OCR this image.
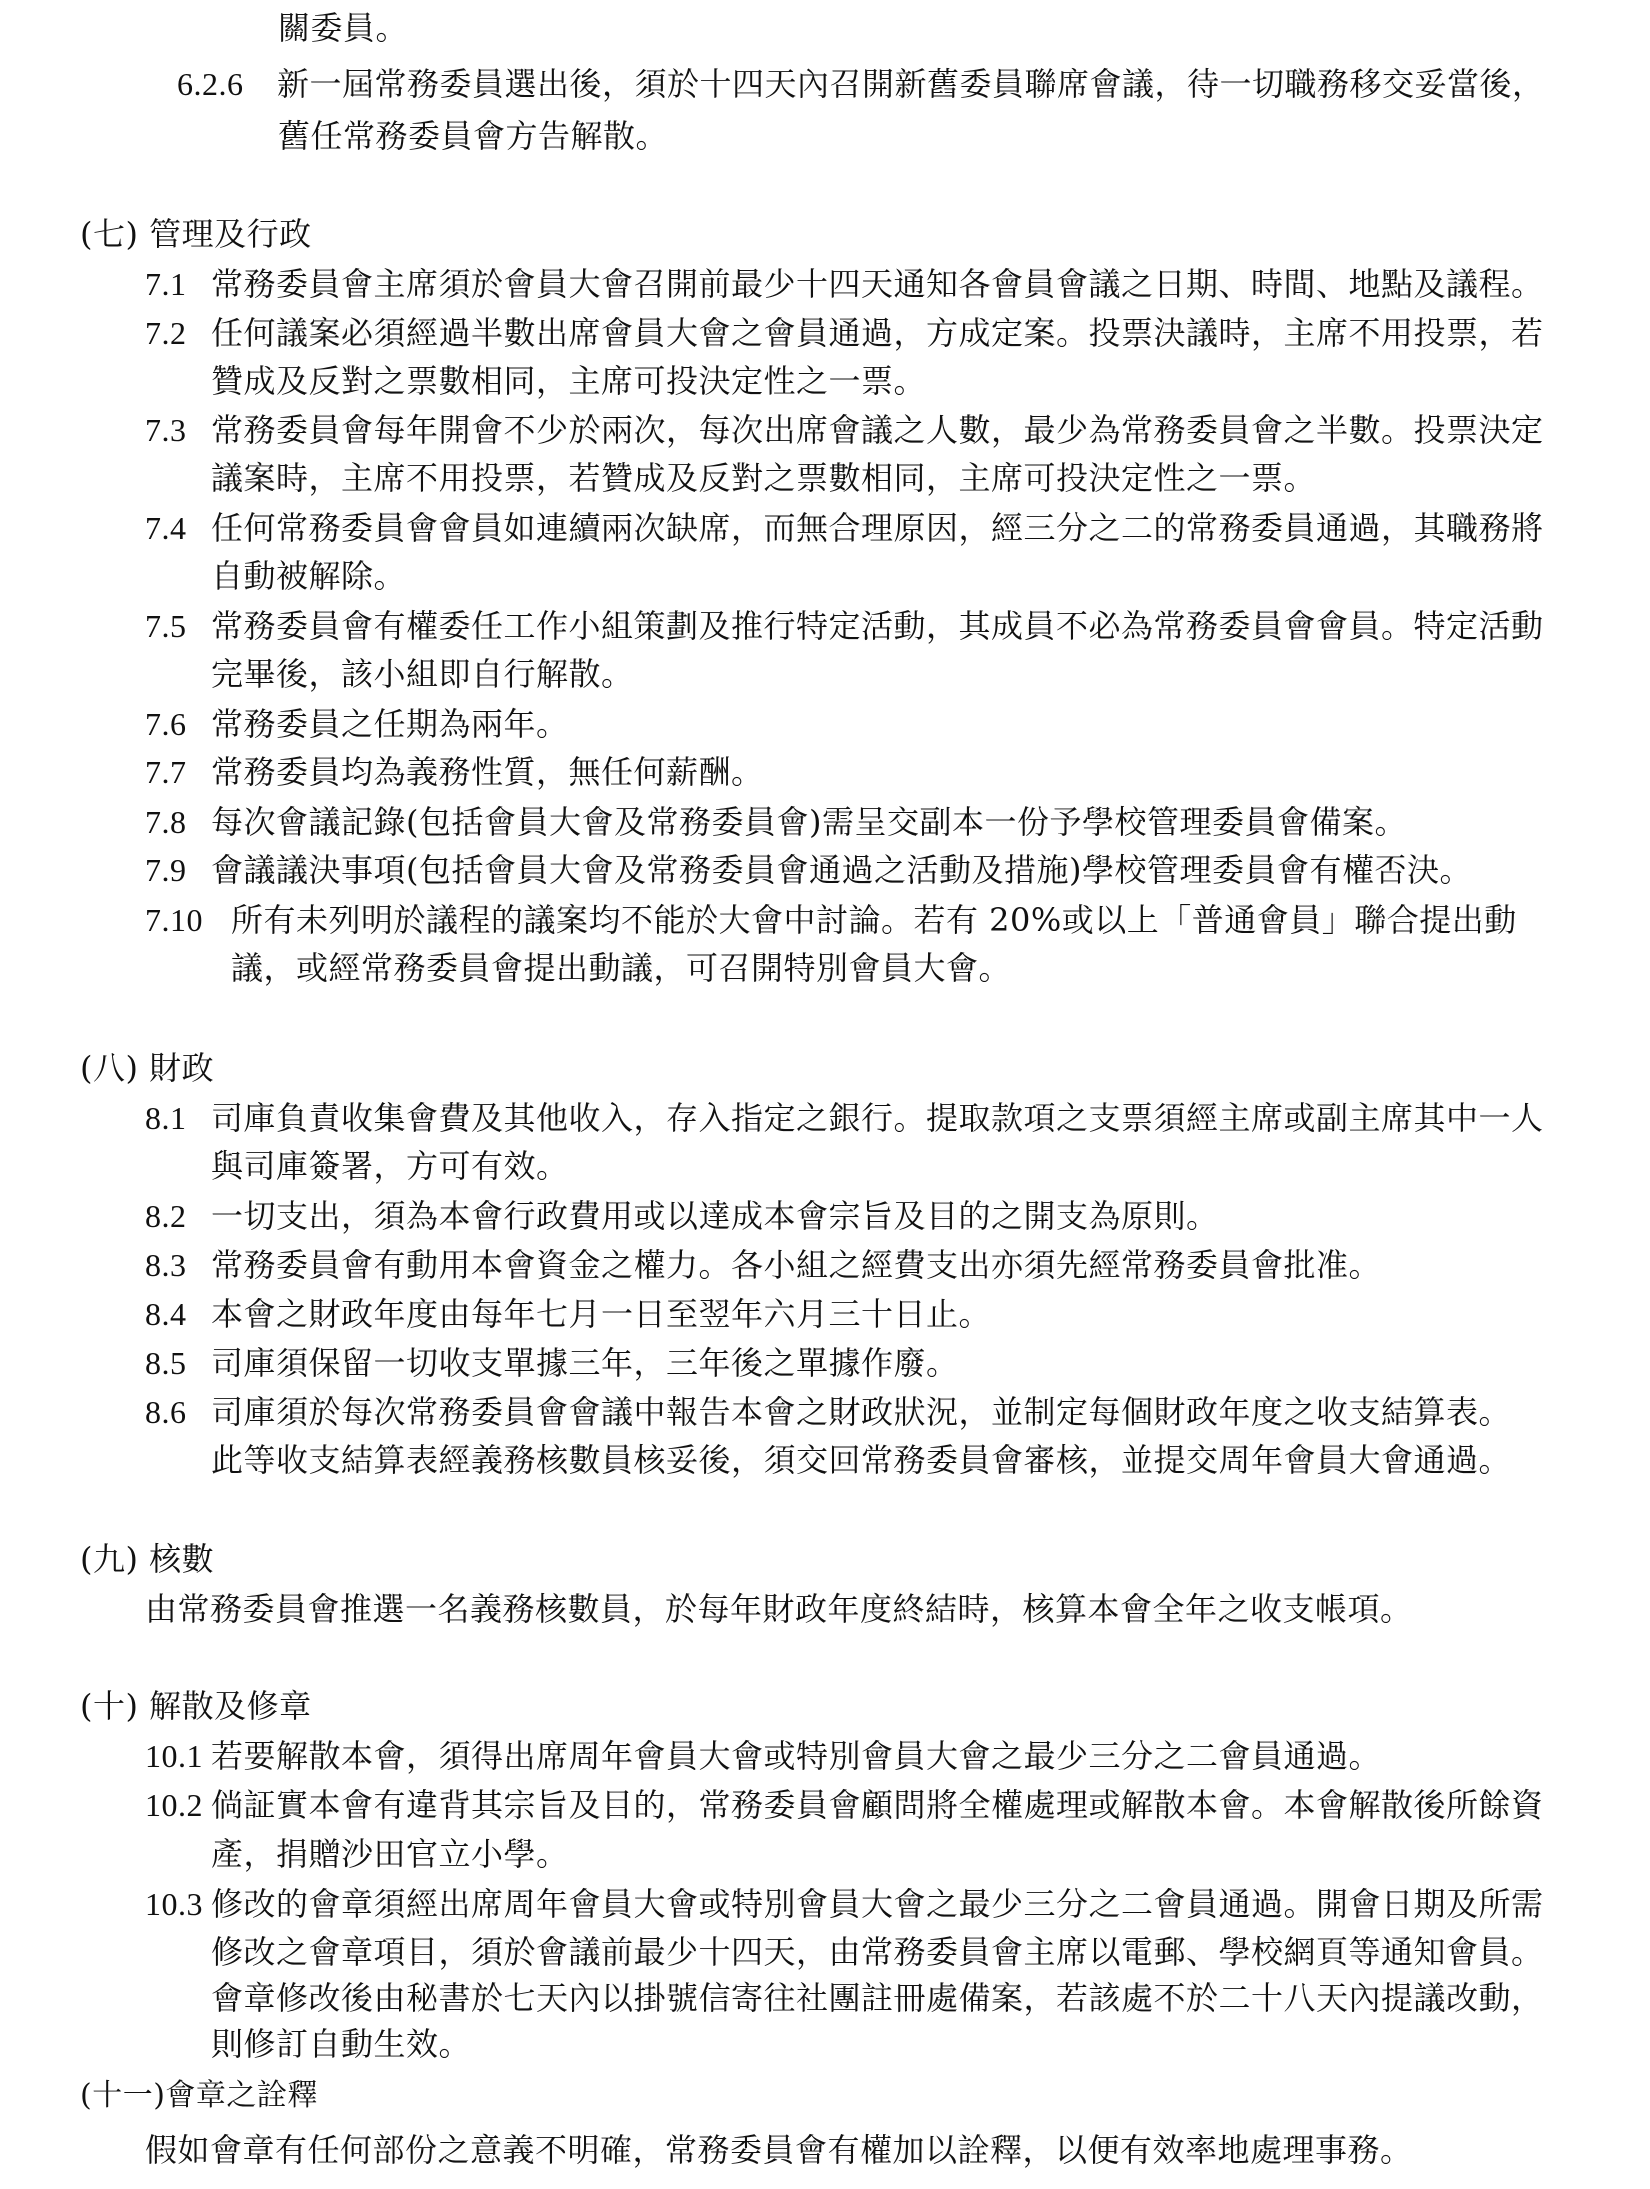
關委員。
6.2.6 新一屆常務委員選出後，須於十四天內召開新舊委員聯席會議，待一切職務移交妥當後，
舊任常務委員會方告解散。
(七) 管理及行政
7.1 常務委員會主席須於會員大會召開前最少十四天通知各會員會議之日期、時間、地點及議程。
7.2 任何議案必須經過半數出席會員大會之會員通過，方成定案。投票決議時，主席不用投票，若
贊成及反對之票數相同，主席可投決定性之一票。
7.3 常務委員會每年開會不少於兩次，每次出席會議之人數，最少為常務委員會之半數。投票決定
議案時，主席不用投票，若贊成及反對之票數相同，主席可投決定性之一票。
7.4 任何常務委員會會員如連續兩次缺席，而無合理原因，經三分之二的常務委員通過，其職務將
自動被解除。
7.5 常務委員會有權委任工作小組策劃及推行特定活動，其成員不必為常務委員會會員。特定活動
完畢後，該小組即自行解散。
7.6 常務委員之任期為兩年。
7.7 常務委員均為義務性質，無任何薪酬。
7.8 每次會議記錄(包括會員大會及常務委員會)需呈交副本一份予學校管理委員會備案。
7.9 會議議決事項(包括會員大會及常務委員會通過之活動及措施)學校管理委員會有權否決。
7.10 所有未列明於議程的議案均不能於大會中討論。若有 20%或以上「普通會員」聯合提出動
議，或經常務委員會提出動議，可召開特別會員大會。
(八) 財政
8.1 司庫負責收集會費及其他收入，存入指定之銀行。提取款項之支票須經主席或副主席其中一人
與司庫簽署，方可有效。
8.2 一切支出，須為本會行政費用或以達成本會宗旨及目的之開支為原則。
8.3 常務委員會有動用本會資金之權力。各小組之經費支出亦須先經常務委員會批准。
8.4 本會之財政年度由每年七月一日至翌年六月三十日止。
8.5 司庫須保留一切收支單據三年，三年後之單據作廢。
8.6 司庫須於每次常務委員會會議中報告本會之財政狀況，並制定每個財政年度之收支結算表。
此等收支結算表經義務核數員核妥後，須交回常務委員會審核，並提交周年會員大會通過。
(九) 核數
由常務委員會推選一名義務核數員，於每年財政年度終結時，核算本會全年之收支帳項。
(十) 解散及修章
10.1 若要解散本會，須得出席周年會員大會或特別會員大會之最少三分之二會員通過。
10.2 倘証實本會有違背其宗旨及目的，常務委員會顧問將全權處理或解散本會。本會解散後所餘資
產，捐贈沙田官立小學。
10.3 修改的會章須經出席周年會員大會或特別會員大會之最少三分之二會員通過。開會日期及所需
修改之會章項目，須於會議前最少十四天，由常務委員會主席以電郵、學校網頁等通知會員。
會章修改後由秘書於七天內以掛號信寄往社團註冊處備案，若該處不於二十八天內提議改動，
則修訂自動生效。
(十一)會章之詮釋
假如會章有任何部份之意義不明確，常務委員會有權加以詮釋，以便有效率地處理事務。
